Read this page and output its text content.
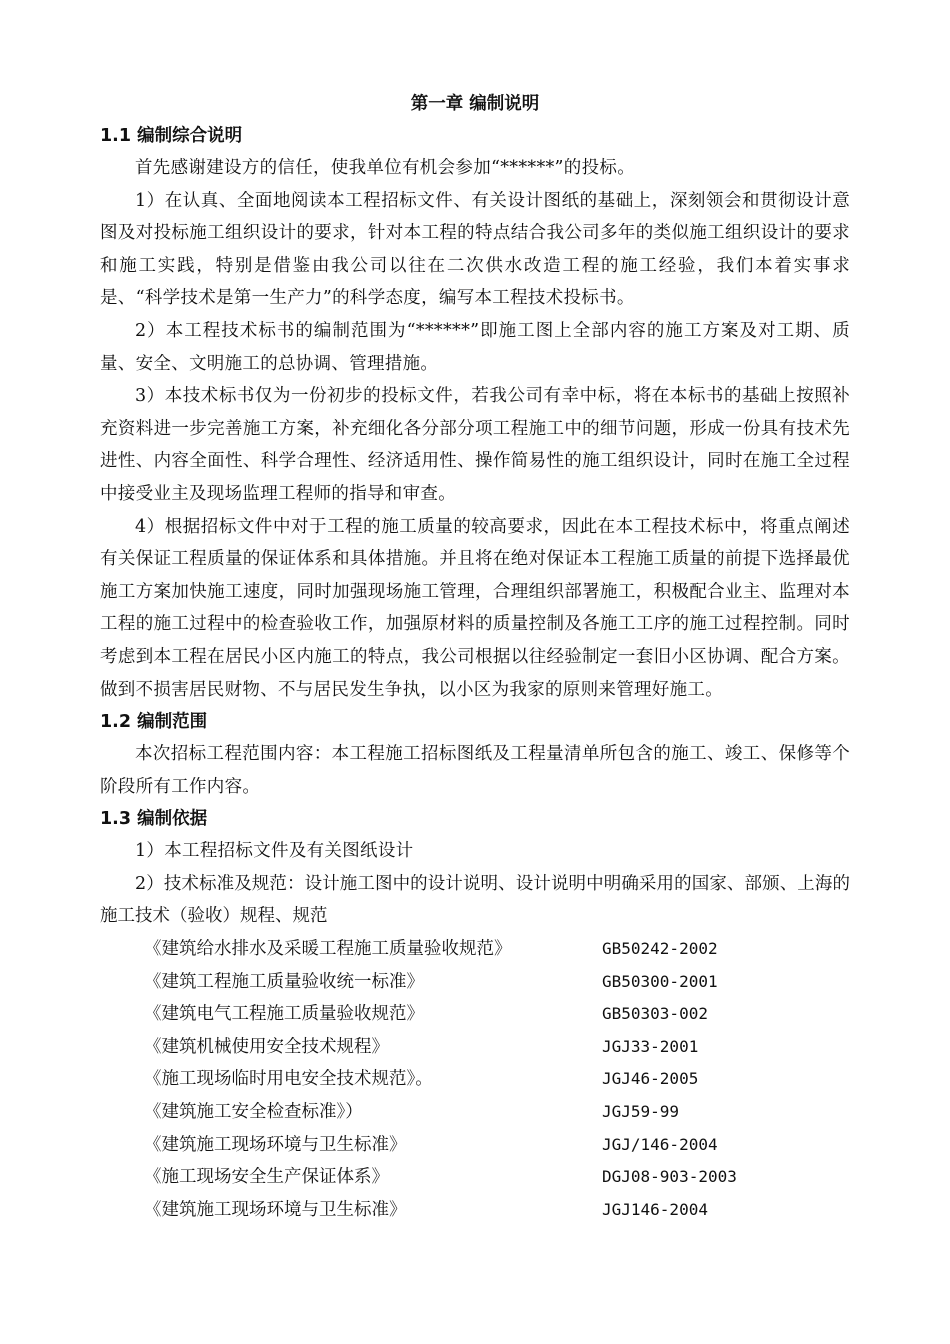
第一章 编制说明
1.1 编制综合说明

首先感谢建设方的信任，使我单位有机会参加“******”的投标。

1）在认真、全面地阅读本工程招标文件、有关设计图纸的基础上，深刻领会和贯彻设计意图及对投标施工组织设计的要求，针对本工程的特点结合我公司多年的类似施工组织设计的要求和施工实践，特别是借鉴由我公司以往在二次供水改造工程的施工经验，我们本着实事求是、“科学技术是第一生产力”的科学态度，编写本工程技术投标书。

2）本工程技术标书的编制范围为“******”即施工图上全部内容的施工方案及对工期、质量、安全、文明施工的总协调、管理措施。

3）本技术标书仅为一份初步的投标文件，若我公司有幸中标，将在本标书的基础上按照补充资料进一步完善施工方案，补充细化各分部分项工程施工中的细节问题，形成一份具有技术先进性、内容全面性、科学合理性、经济适用性、操作简易性的施工组织设计，同时在施工全过程中接受业主及现场监理工程师的指导和审查。

4）根据招标文件中对于工程的施工质量的较高要求，因此在本工程技术标中，将重点阐述有关保证工程质量的保证体系和具体措施。并且将在绝对保证本工程施工质量的前提下选择最优施工方案加快施工速度，同时加强现场施工管理，合理组织部署施工，积极配合业主、监理对本工程的施工过程中的检查验收工作，加强原材料的质量控制及各施工工序的施工过程控制。同时考虑到本工程在居民小区内施工的特点，我公司根据以往经验制定一套旧小区协调、配合方案。做到不损害居民财物、不与居民发生争执，以小区为我家的原则来管理好施工。

1.2 编制范围

本次招标工程范围内容：本工程施工招标图纸及工程量清单所包含的施工、竣工、保修等个阶段所有工作内容。

1.3 编制依据

1）本工程招标文件及有关图纸设计

2）技术标准及规范：设计施工图中的设计说明、设计说明中明确采用的国家、部颁、上海的施工技术（验收）规程、规范

《建筑给水排水及采暖工程施工质量验收规范》	GB50242-2002
《建筑工程施工质量验收统一标准》	GB50300-2001
《建筑电气工程施工质量验收规范》	GB50303-002
《建筑机械使用安全技术规程》	JGJ33-2001
《施工现场临时用电安全技术规范》。	JGJ46-2005
《建筑施工安全检查标准》）	JGJ59-99
《建筑施工现场环境与卫生标准》	JGJ/146-2004
《施工现场安全生产保证体系》	DGJ08-903-2003
《建筑施工现场环境与卫生标准》	JGJ146-2004
